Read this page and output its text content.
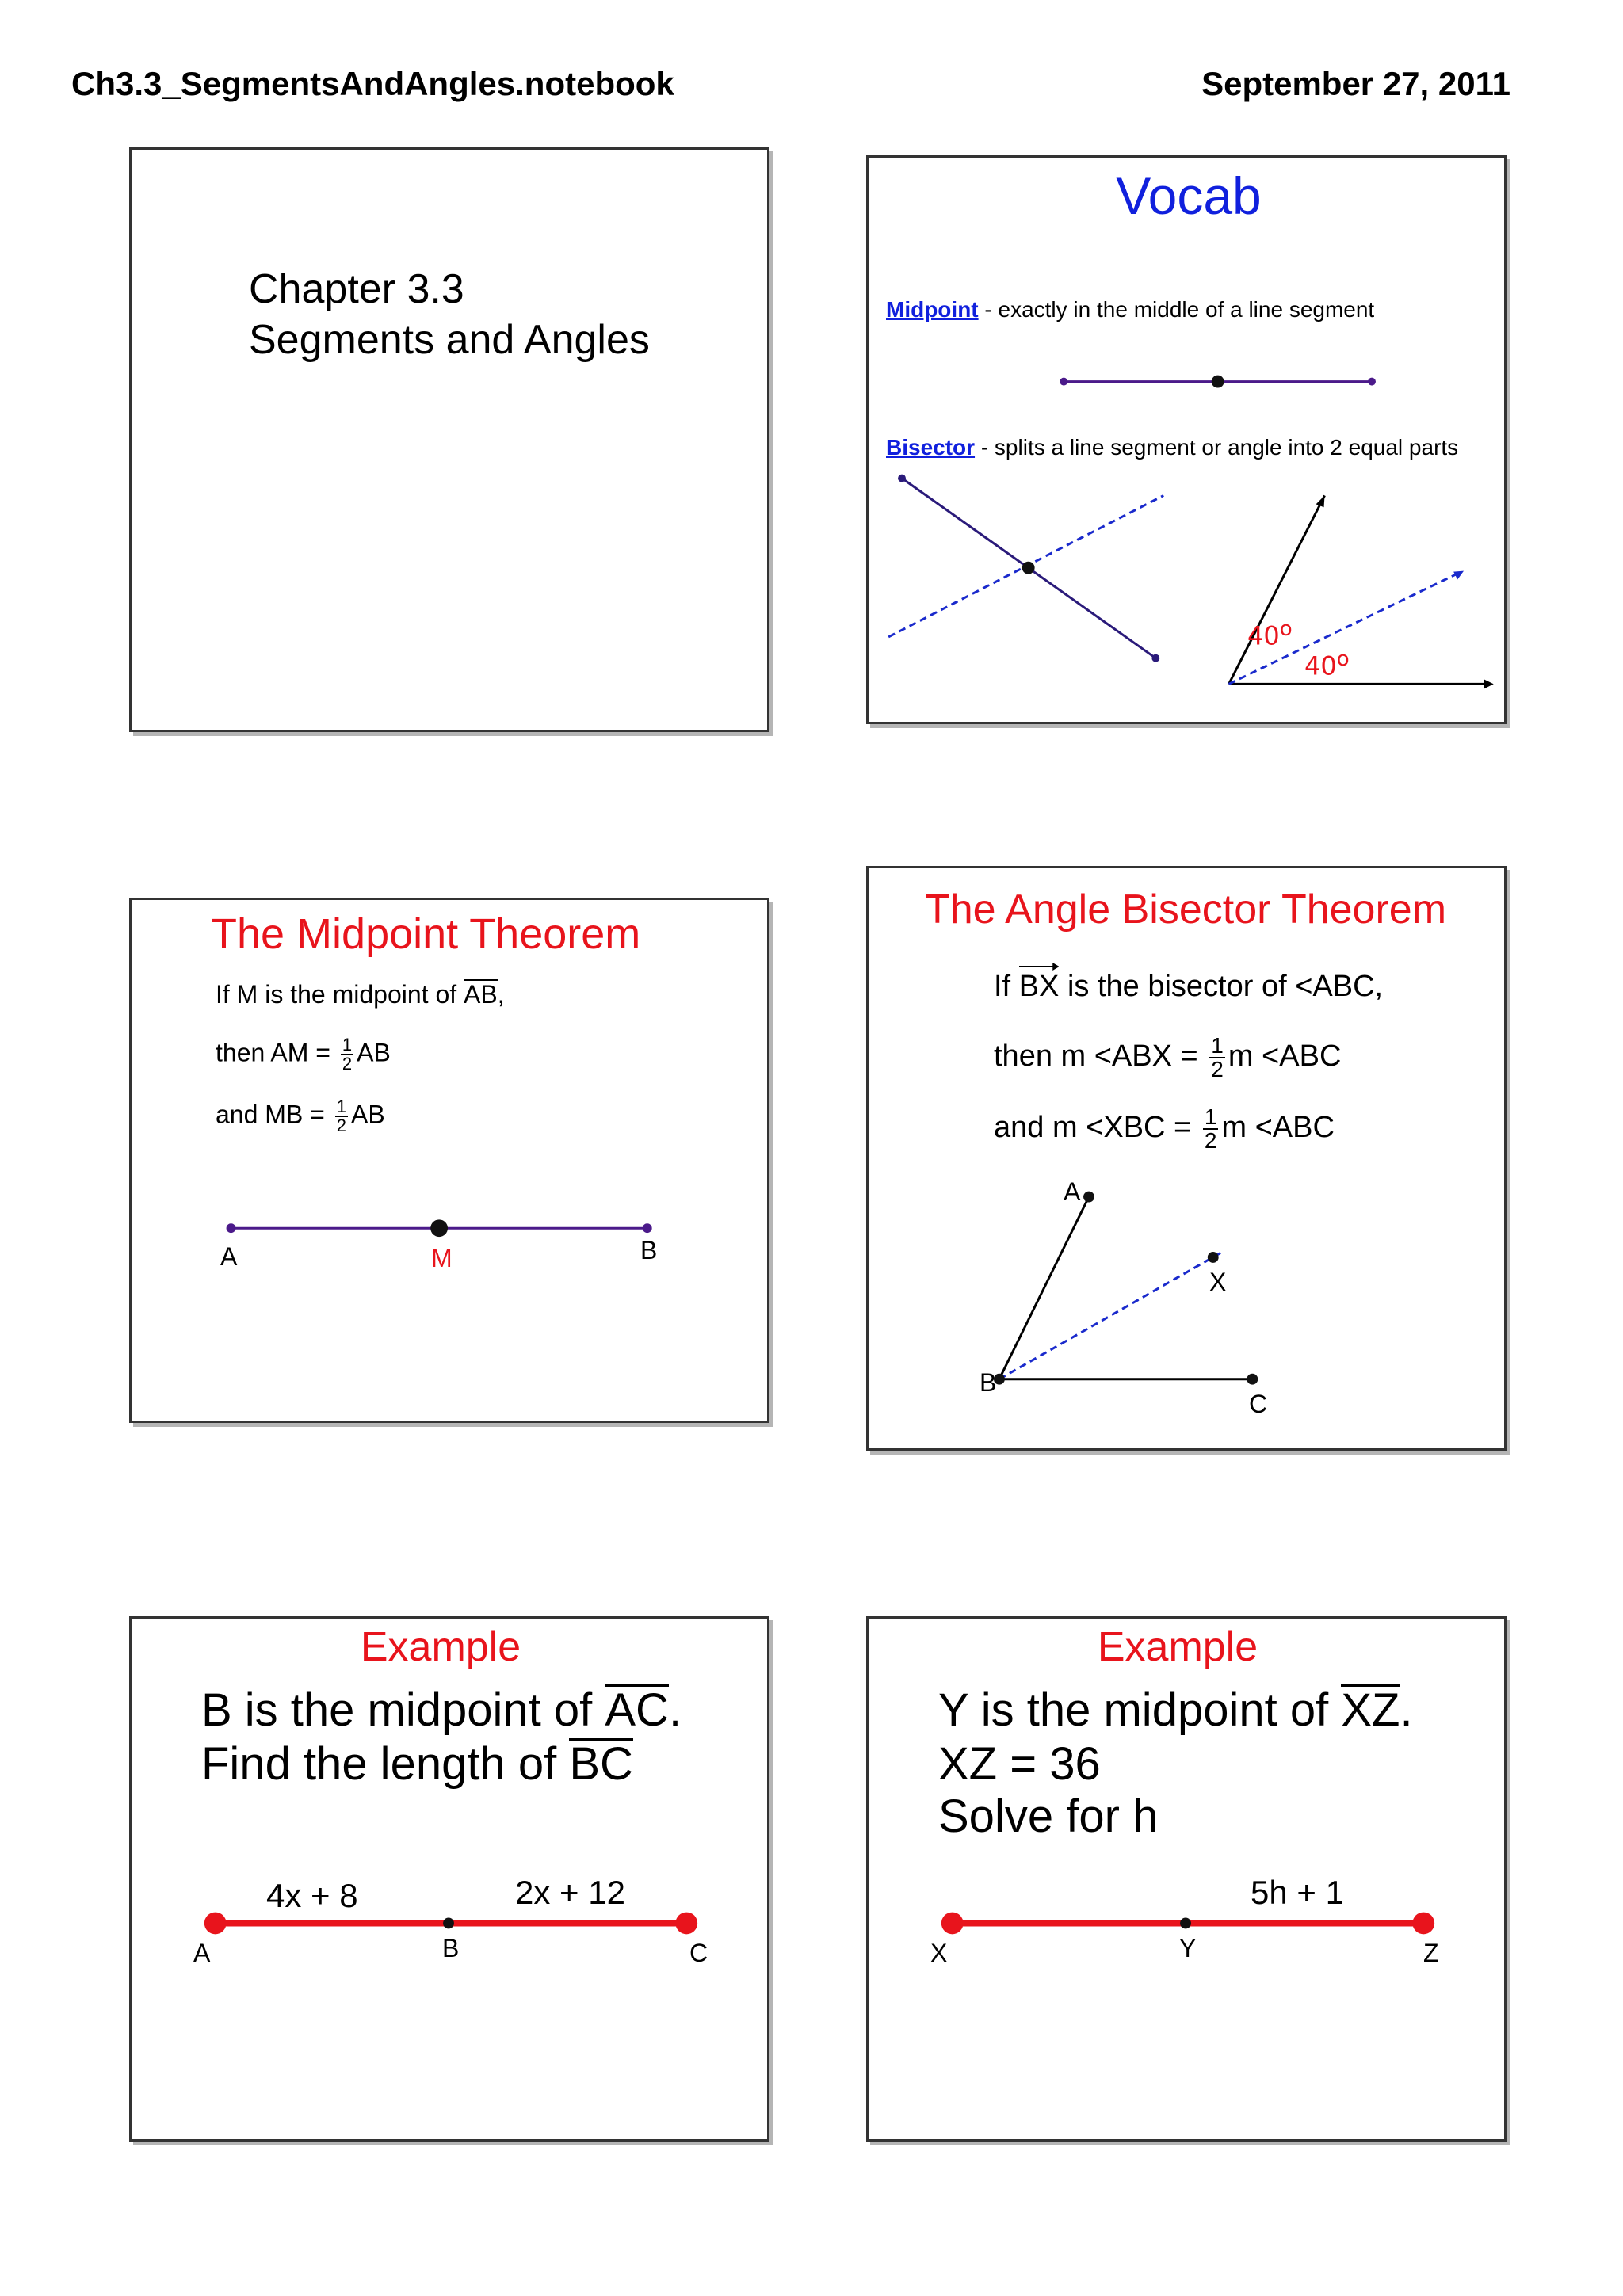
Ch3.3_SegmentsAndAngles.notebook	September 27, 2011
Chapter 3.3
Segments and Angles
Vocab
Midpoint - exactly in the middle of a line segment
Bisector - splits a line segment or angle into 2 equal parts
40$^o$
40$^o$
The Midpoint Theorem
If M is the midpoint of AB,
then AM = $\frac{1}{2}$ AB
and MB = $\frac{1}{2}$ AB
A	M	B
The Angle Bisector Theorem
If BX
is the bisector of <ABC,
then $m <ABX = \frac{1}{2}$ m <ABC
and $m <XBC = \frac{1}{2}$ m <ABC
A
X
B
C
Example
B is the midpoint of AC.
Find the length of BC
4x + 8	2x + 12
A	B	C
Example
Y is the midpoint of XZ.
XZ = 36
Solve for h
5h + 1
X	Y	Z
